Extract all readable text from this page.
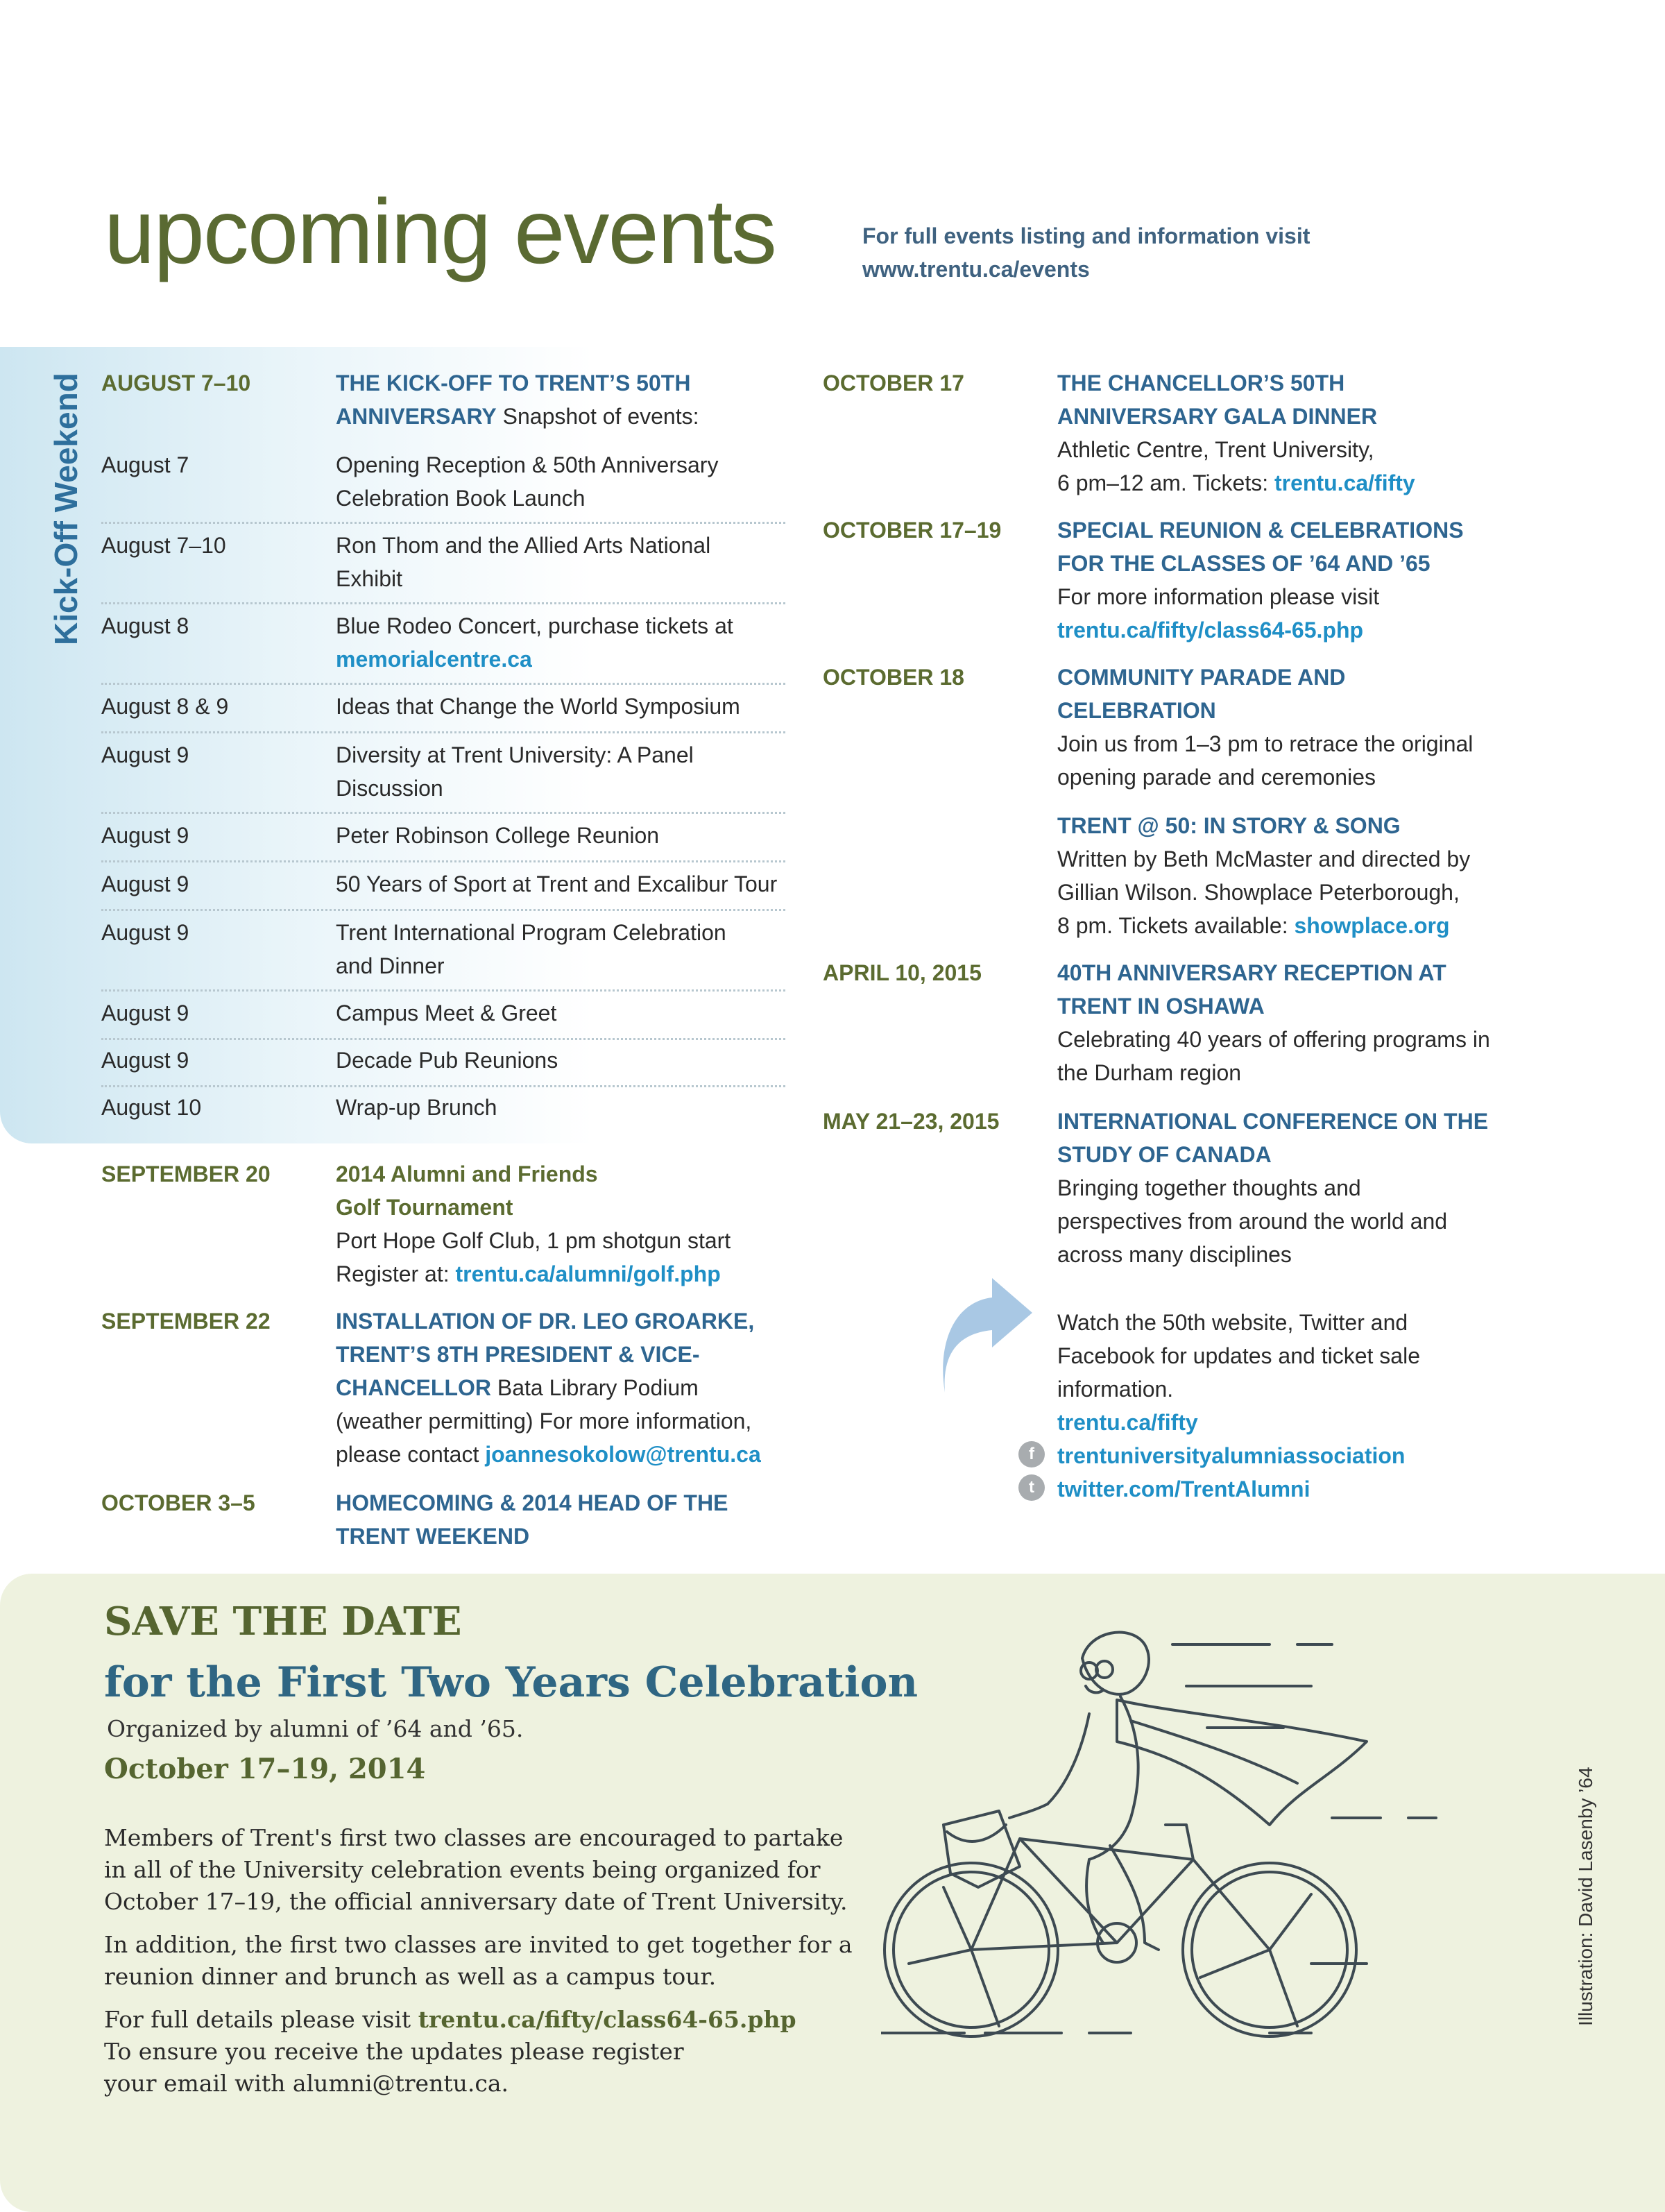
upcoming events	For full events listing and information visit
www.trentu.ca/events
Kick-Off Weekend AUGUST 7–10	THE KICK-OFF TO TRENT’S 50TH
ANNIVERSARY Snapshot of events:
August 7	Opening Reception & 50th Anniversary
Celebration Book Launch
August 7–10	Ron Thom and the Allied Arts National
Exhibit
August 8	Blue Rodeo Concert, purchase tickets at
memorialcentre.ca
August 8 & 9	Ideas that Change the World Symposium
August 9	Diversity at Trent University: A Panel
Discussion
August 9	Peter Robinson College Reunion
August 9	50 Years of Sport at Trent and Excalibur Tour
August 9	Trent International Program Celebration
and Dinner
August 9	Campus Meet & Greet
August 9	Decade Pub Reunions
August 10	Wrap-up Brunch
SEPTEMBER 20	2014 Alumni and Friends
Golf Tournament
Port Hope Golf Club, 1 pm shotgun start
Register at: trentu.ca/alumni/golf.php
SEPTEMBER 22	INSTALLATION OF DR. LEO GROARKE,
TRENT’S 8TH PRESIDENT & VICE-
CHANCELLOR Bata Library Podium
(weather permitting) For more information,
please contact joannesokolow@trentu.ca
OCTOBER 3–5	HOMECOMING & 2014 HEAD OF THE
TRENT WEEKEND
OCTOBER 17	THE CHANCELLOR’S 50TH
ANNIVERSARY GALA DINNER
Athletic Centre, Trent University,
6 pm–12 am. Tickets: trentu.ca/fifty
OCTOBER 17–19	SPECIAL REUNION & CELEBRATIONS
FOR THE CLASSES OF ’64 AND ’65
For more information please visit
trentu.ca/fifty/class64-65.php
OCTOBER 18	COMMUNITY PARADE AND
CELEBRATION
Join us from 1–3 pm to retrace the original
opening parade and ceremonies
TRENT @ 50: IN STORY & SONG
Written by Beth McMaster and directed by
Gillian Wilson. Showplace Peterborough,
8 pm. Tickets available: showplace.org
APRIL 10, 2015	40TH ANNIVERSARY RECEPTION AT
TRENT IN OSHAWA
Celebrating 40 years of offering programs in
the Durham region
MAY 21–23, 2015	INTERNATIONAL CONFERENCE ON THE
STUDY OF CANADA
Bringing together thoughts and
perspectives from around the world and
across many disciplines
Watch the 50th website, Twitter and
Facebook for updates and ticket sale
information.
trentu.ca/fifty
trentuniversityalumniassociation
twitter.com/TrentAlumni
f
t
SAVE THE DATE
for the First Two Years Celebration
Organized by alumni of ’64 and ’65.
October 17–19, 2014
Members of Trent's first two classes are encouraged to partake
in all of the University celebration events being organized for
October 17–19, the official anniversary date of Trent University.
In addition, the first two classes are invited to get together for a
reunion dinner and brunch as well as a campus tour.
For full details please visit trentu.ca/fifty/class64-65.php
To ensure you receive the updates please register
your email with alumni@trentu.ca.
Illustration: David Lasenby ’64
